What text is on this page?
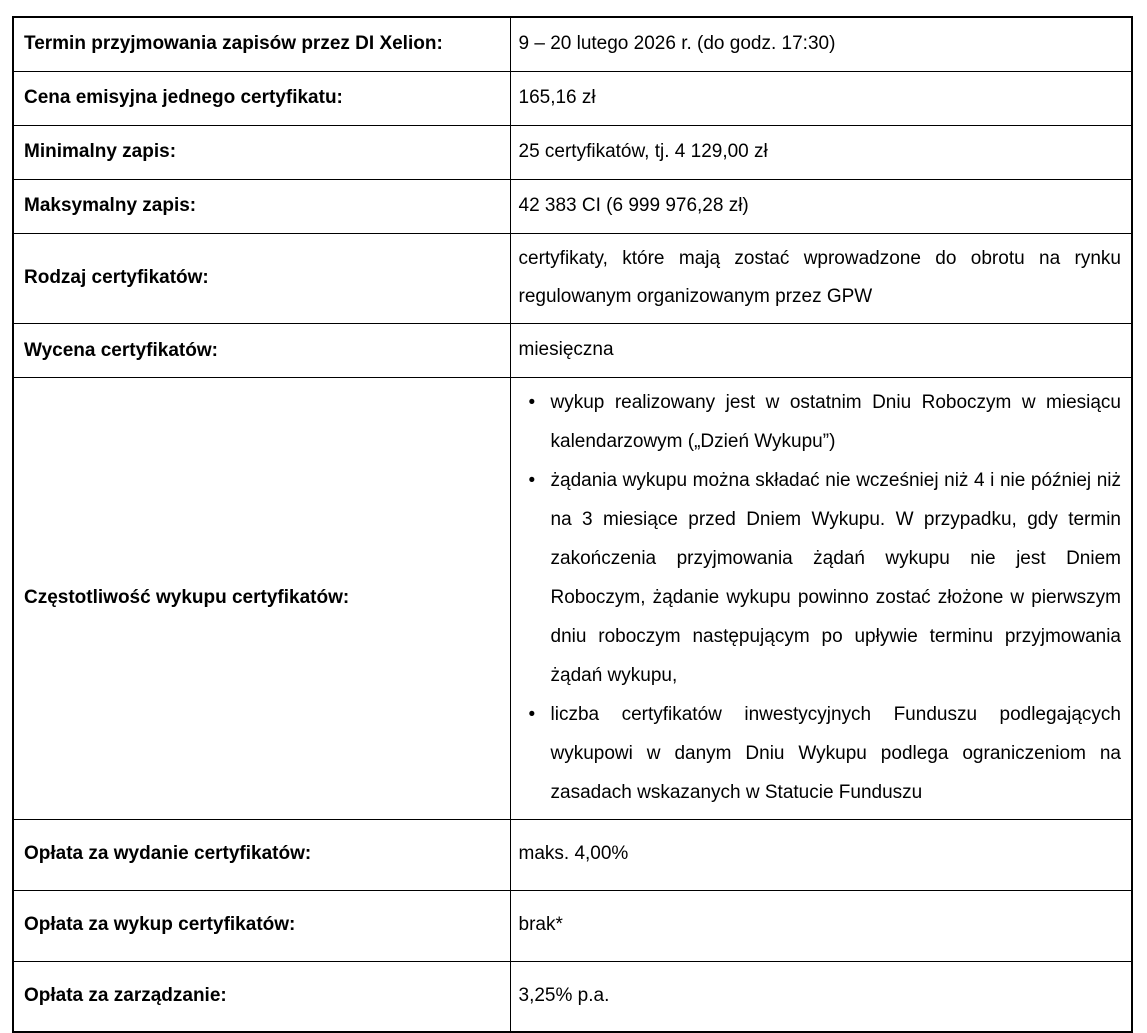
Termin przyjmowania zapisów przez DI Xelion:	9 – 20 lutego 2026 r. (do godz. 17:30)
Cena emisyjna jednego certyfikatu:	165,16 zł
Minimalny zapis:	25 certyfikatów, tj. 4 129,00 zł
Maksymalny zapis:	42 383 CI (6 999 976,28 zł)
Rodzaj certyfikatów:	certyfikaty, które mają zostać wprowadzone do obrotu na rynku regulowanym organizowanym przez GPW
Wycena certyfikatów:	miesięczna
Częstotliwość wykupu certyfikatów:	
• wykup realizowany jest w ostatnim Dniu Roboczym w miesiącu kalendarzowym („Dzień Wykupu”)
• żądania wykupu można składać nie wcześniej niż 4 i nie później niż na 3 miesiące przed Dniem Wykupu. W przypadku, gdy termin zakończenia przyjmowania żądań wykupu nie jest Dniem Roboczym, żądanie wykupu powinno zostać złożone w pierwszym dniu roboczym następującym po upływie terminu przyjmowania żądań wykupu,
• liczba certyfikatów inwestycyjnych Funduszu podlegających wykupowi w danym Dniu Wykupu podlega ograniczeniom na zasadach wskazanych w Statucie Funduszu

Opłata za wydanie certyfikatów:	maks. 4,00%
Opłata za wykup certyfikatów:	brak*
Opłata za zarządzanie:	3,25% p.a.
